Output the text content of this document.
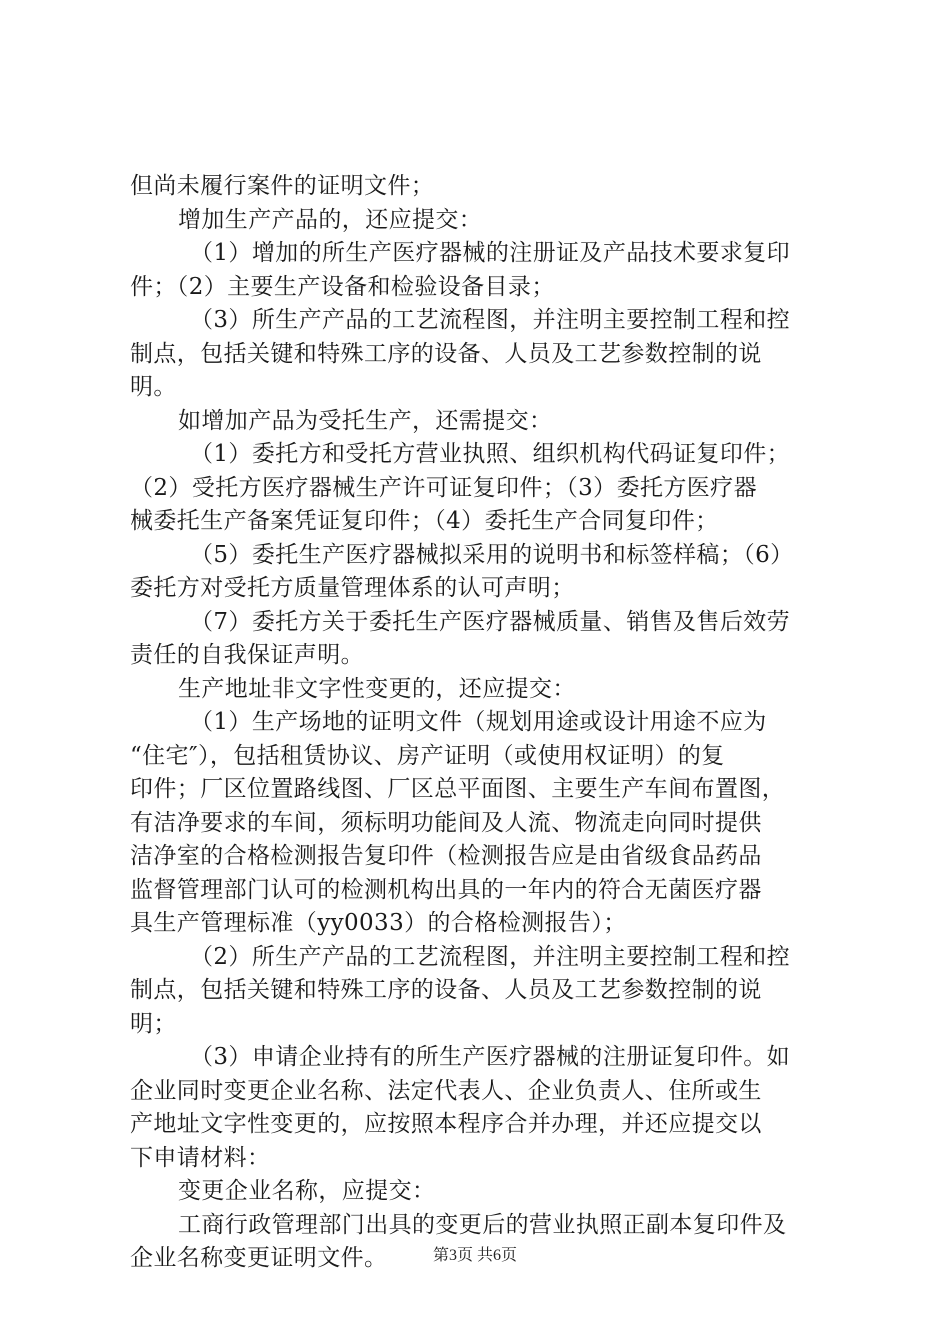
但尚未履行案件的证明文件；
增加生产产品的，还应提交：
（1）增加的所生产医疗器械的注册证及产品技术要求复印
件；（2）主要生产设备和检验设备目录；
（3）所生产产品的工艺流程图，并注明主要控制工程和控
制点，包括关键和特殊工序的设备、人员及工艺参数控制的说
明。
如增加产品为受托生产，还需提交：
（1）委托方和受托方营业执照、组织机构代码证复印件；
（2）受托方医疗器械生产许可证复印件；（3）委托方医疗器
械委托生产备案凭证复印件；（4）委托生产合同复印件；
（5）委托生产医疗器械拟采用的说明书和标签样稿；（6）
委托方对受托方质量管理体系的认可声明；
（7）委托方关于委托生产医疗器械质量、销售及售后效劳
责任的自我保证声明。
生产地址非文字性变更的，还应提交：
（1）生产场地的证明文件（规划用途或设计用途不应为
“住宅″），包括租赁协议、房产证明（或使用权证明）的复
印件；厂区位置路线图、厂区总平面图、主要生产车间布置图，
有洁净要求的车间，须标明功能间及人流、物流走向同时提供
洁净室的合格检测报告复印件（检测报告应是由省级食品药品
监督管理部门认可的检测机构出具的一年内的符合无菌医疗器
具生产管理标准（yy0033）的合格检测报告）；
（2）所生产产品的工艺流程图，并注明主要控制工程和控
制点，包括关键和特殊工序的设备、人员及工艺参数控制的说
明；
（3）申请企业持有的所生产医疗器械的注册证复印件。如
企业同时变更企业名称、法定代表人、企业负责人、住所或生
产地址文字性变更的，应按照本程序合并办理，并还应提交以
下申请材料：
变更企业名称，应提交：
工商行政管理部门出具的变更后的营业执照正副本复印件及
企业名称变更证明文件。	第3页 共6页
